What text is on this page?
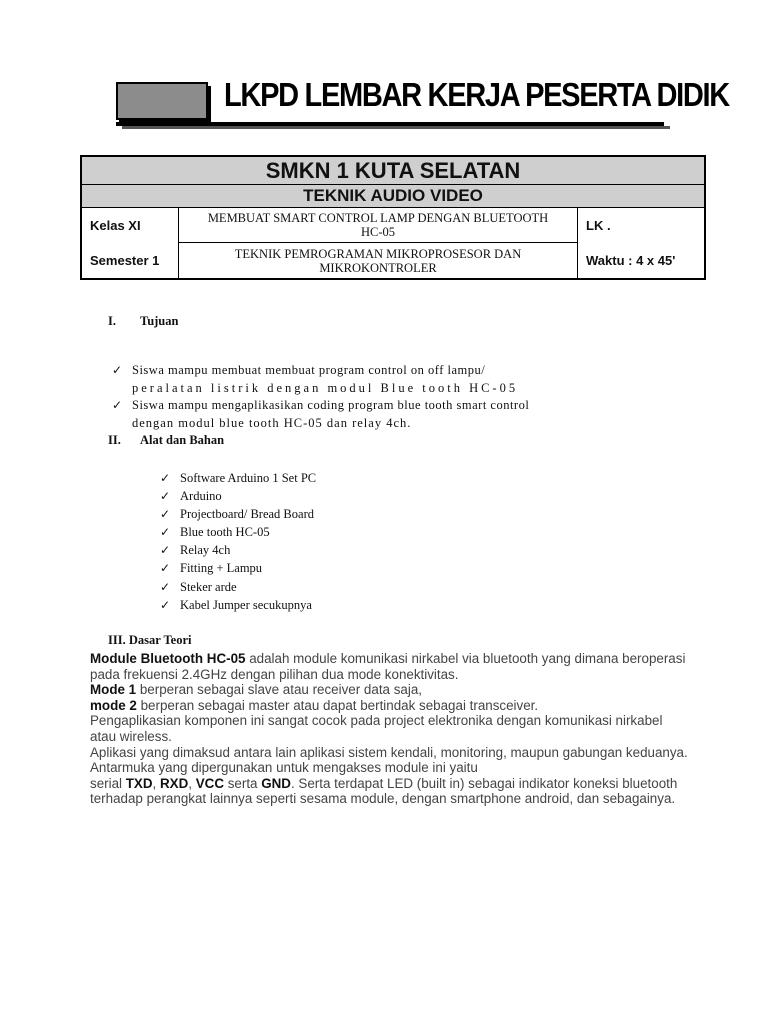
LKPD LEMBAR KERJA PESERTA DIDIK
SMKN 1 KUTA SELATAN
TEKNIK AUDIO VIDEO
Kelas XI
Semester 1
MEMBUAT SMART CONTROL LAMP DENGAN BLUETOOTH HC-05
TEKNIK PEMROGRAMAN MIKROPROSESOR DAN MIKROKONTROLER
LK .
Waktu : 4 x 45'
I. Tujuan
✓ Siswa mampu membuat membuat program control on off lampu/
peralatan listrik dengan modul Blue tooth HC-05
✓ Siswa mampu mengaplikasikan coding program blue tooth smart control
dengan modul blue tooth HC-05 dan relay 4ch.
II. Alat dan Bahan
✓ Software Arduino 1 Set PC
✓ Arduino
✓ Projectboard/ Bread Board
✓ Blue tooth HC-05
✓ Relay 4ch
✓ Fitting + Lampu
✓ Steker arde
✓ Kabel Jumper secukupnya
III. Dasar Teori

Module Bluetooth HC-05 adalah module komunikasi nirkabel via bluetooth yang dimana beroperasi pada frekuensi 2.4GHz dengan pilihan dua mode konektivitas.

Mode 1 berperan sebagai slave atau receiver data saja,

mode 2 berperan sebagai master atau dapat bertindak sebagai transceiver.

Pengaplikasian komponen ini sangat cocok pada project elektronika dengan komunikasi nirkabel atau wireless.

Aplikasi yang dimaksud antara lain aplikasi sistem kendali, monitoring, maupun gabungan keduanya.

Antarmuka yang dipergunakan untuk mengakses module ini yaitu

serial TXD, RXD, VCC serta GND. Serta terdapat LED (built in) sebagai indikator koneksi bluetooth terhadap perangkat lainnya seperti sesama module, dengan smartphone android, dan sebagainya.
